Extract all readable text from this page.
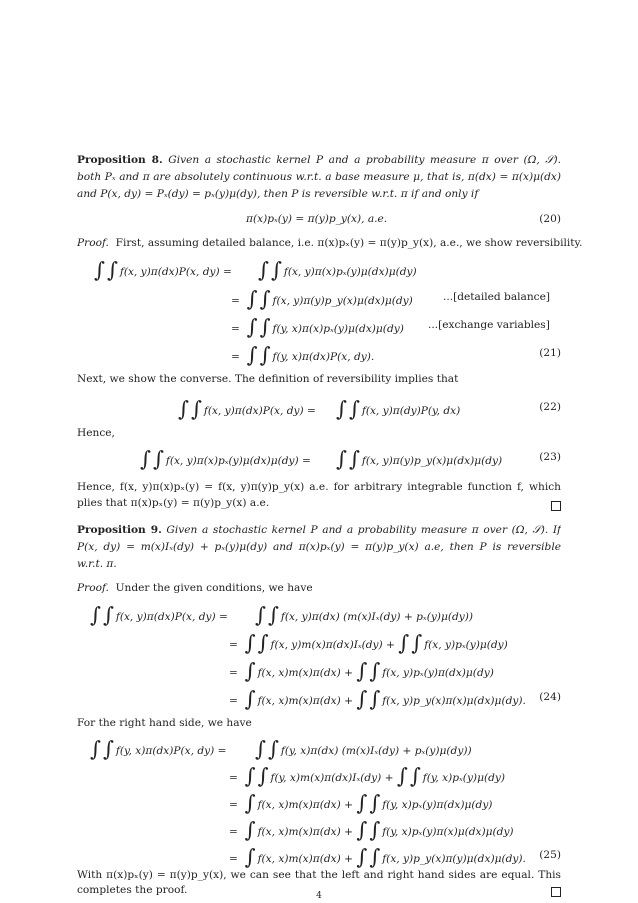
Proposition 8. Given a stochastic kernel P and a probability measure π over (Ω, 𝒮).
both Pₓ and π are absolutely continuous w.r.t. a base measure μ, that is, π(dx) = π(x)μ(dx)
and P(x, dy) = Pₓ(dy) = pₓ(y)μ(dy), then P is reversible w.r.t. π if and only if
π(x)pₓ(y) = π(y)p_y(x), a.e.	(20)
Proof. First, assuming detailed balance, i.e. π(x)pₓ(y) = π(y)p_y(x), a.e., we show reversibility.
∫∫ f(x, y)π(dx)P(x, dy) = ∫∫ f(x, y)π(x)pₓ(y)μ(dx)μ(dy)
= ∫∫ f(x, y)π(y)p_y(x)μ(dx)μ(dy)	...[detailed balance]
= ∫∫ f(y, x)π(x)pₓ(y)μ(dx)μ(dy) ...[exchange variables]
= ∫∫ f(y, x)π(dx)P(x, dy).	(21)
Next, we show the converse. The definition of reversibility implies that
∫∫ f(x, y)π(dx)P(x, dy) = ∫∫ f(x, y)π(dy)P(y, dx)	(22)
Hence,
∫∫ f(x, y)π(x)pₓ(y)μ(dx)μ(dy) = ∫∫ f(x, y)π(y)p_y(x)μ(dx)μ(dy)	(23)
Hence, f(x, y)π(x)pₓ(y) = f(x, y)π(y)p_y(x) a.e. for arbitrary integrable function f, which
plies that π(x)pₓ(y) = π(y)p_y(x) a.e.
Proposition 9. Given a stochastic kernel P and a probability measure π over (Ω, 𝒮). If
P(x, dy) = m(x)Iₓ(dy) + pₓ(y)μ(dy) and π(x)pₓ(y) = π(y)p_y(x) a.e, then P is reversible
w.r.t. π.
Proof. Under the given conditions, we have
∫∫ f(x, y)π(dx)P(x, dy) = ∫∫ f(x, y)π(dx) (m(x)Iₓ(dy) + pₓ(y)μ(dy))
= ∫∫ f(x, y)m(x)π(dx)Iₓ(dy) + ∫∫ f(x, y)pₓ(y)μ(dy)
= ∫ f(x, x)m(x)π(dx) + ∫∫ f(x, y)pₓ(y)π(dx)μ(dy)
= ∫ f(x, x)m(x)π(dx) + ∫∫ f(x, y)p_y(x)π(x)μ(dx)μ(dy). (24)
For the right hand side, we have
∫∫ f(y, x)π(dx)P(x, dy) = ∫∫ f(y, x)π(dx) (m(x)Iₓ(dy) + pₓ(y)μ(dy))
= ∫∫ f(y, x)m(x)π(dx)Iₓ(dy) + ∫∫ f(y, x)pₓ(y)μ(dy)
= ∫ f(x, x)m(x)π(dx) + ∫∫ f(y, x)pₓ(y)π(dx)μ(dy)
= ∫ f(x, x)m(x)π(dx) + ∫∫ f(y, x)pₓ(y)π(x)μ(dx)μ(dy)
= ∫ f(x, x)m(x)π(dx) + ∫∫ f(x, y)p_y(x)π(y)μ(dx)μ(dy). (25)
With π(x)pₓ(y) = π(y)p_y(x), we can see that the left and right hand sides are equal. This
completes the proof.	4
